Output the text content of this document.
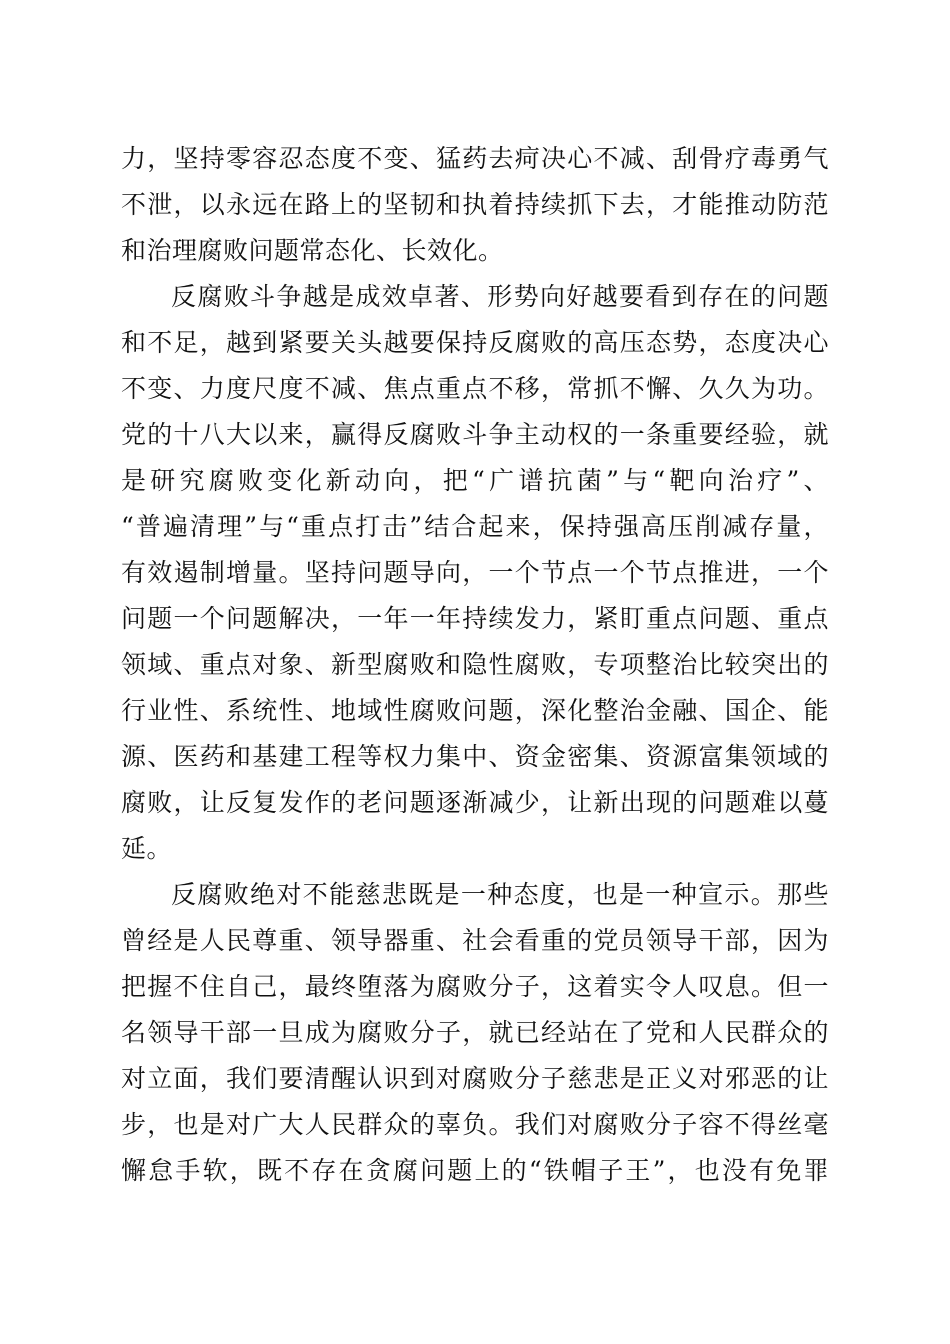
力，坚持零容忍态度不变、猛药去疴决心不减、刮骨疗毒勇气
不泄，以永远在路上的坚韧和执着持续抓下去，才能推动防范
和治理腐败问题常态化、长效化。
反腐败斗争越是成效卓著、形势向好越要看到存在的问题
和不足，越到紧要关头越要保持反腐败的高压态势，态度决心
不变、力度尺度不减、焦点重点不移，常抓不懈、久久为功。
党的十八大以来，赢得反腐败斗争主动权的一条重要经验，就
是研究腐败变化新动向，把“广谱抗菌”与“靶向治疗”、
“普遍清理”与“重点打击”结合起来，保持强高压削减存量，
有效遏制增量。坚持问题导向，一个节点一个节点推进，一个
问题一个问题解决，一年一年持续发力，紧盯重点问题、重点
领域、重点对象、新型腐败和隐性腐败，专项整治比较突出的
行业性、系统性、地域性腐败问题，深化整治金融、国企、能
源、医药和基建工程等权力集中、资金密集、资源富集领域的
腐败，让反复发作的老问题逐渐减少，让新出现的问题难以蔓
延。
反腐败绝对不能慈悲既是一种态度，也是一种宣示。那些
曾经是人民尊重、领导器重、社会看重的党员领导干部，因为
把握不住自己，最终堕落为腐败分子，这着实令人叹息。但一
名领导干部一旦成为腐败分子，就已经站在了党和人民群众的
对立面，我们要清醒认识到对腐败分子慈悲是正义对邪恶的让
步，也是对广大人民群众的辜负。我们对腐败分子容不得丝毫
懈怠手软，既不存在贪腐问题上的“铁帽子王”，也没有免罪
